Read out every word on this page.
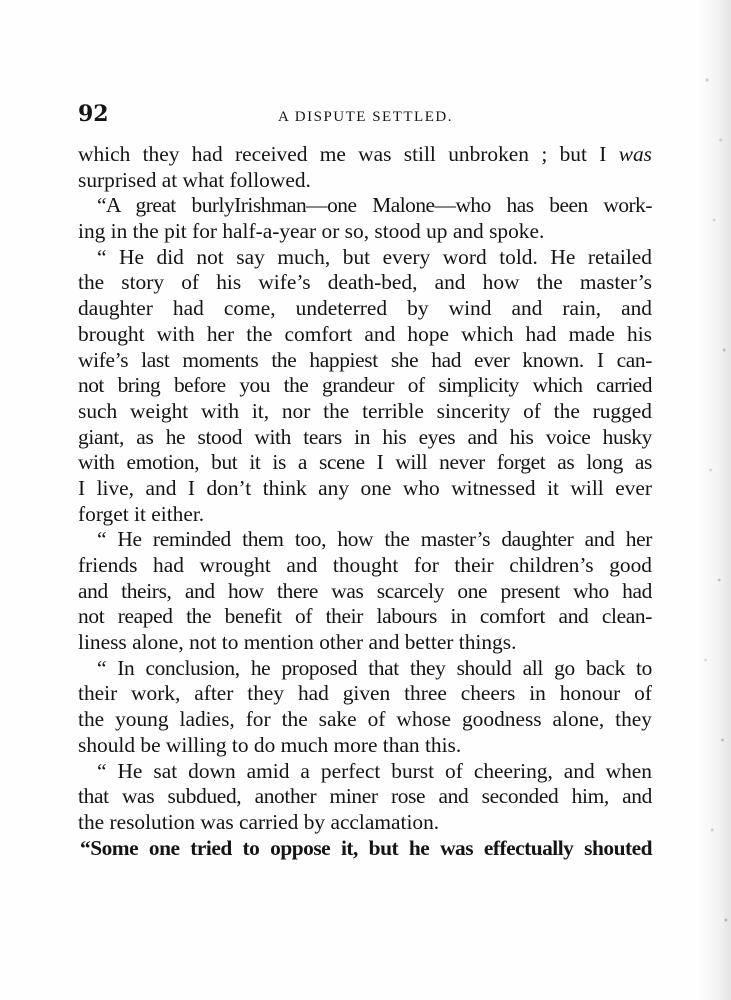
92	A DISPUTE SETTLED.
which they had received me was still unbroken ; but I was
surprised at what followed.
“A great burlyIrishman—one Malone—who has been work-
ing in the pit for half-a-year or so, stood up and spoke.
“ He did not say much, but every word told. He retailed
the story of his wife’s death-bed, and how the master’s
daughter had come, undeterred by wind and rain, and
brought with her the comfort and hope which had made his
wife’s last moments the happiest she had ever known. I can-
not bring before you the grandeur of simplicity which carried
such weight with it, nor the terrible sincerity of the rugged
giant, as he stood with tears in his eyes and his voice husky
with emotion, but it is a scene I will never forget as long as
I live, and I don’t think any one who witnessed it will ever
forget it either.
“ He reminded them too, how the master’s daughter and her
friends had wrought and thought for their children’s good
and theirs, and how there was scarcely one present who had
not reaped the benefit of their labours in comfort and clean-
liness alone, not to mention other and better things.
“ In conclusion, he proposed that they should all go back to
their work, after they had given three cheers in honour of
the young ladies, for the sake of whose goodness alone, they
should be willing to do much more than this.
“ He sat down amid a perfect burst of cheering, and when
that was subdued, another miner rose and seconded him, and
the resolution was carried by acclamation.
“Some one tried to oppose it, but he was effectually shouted
